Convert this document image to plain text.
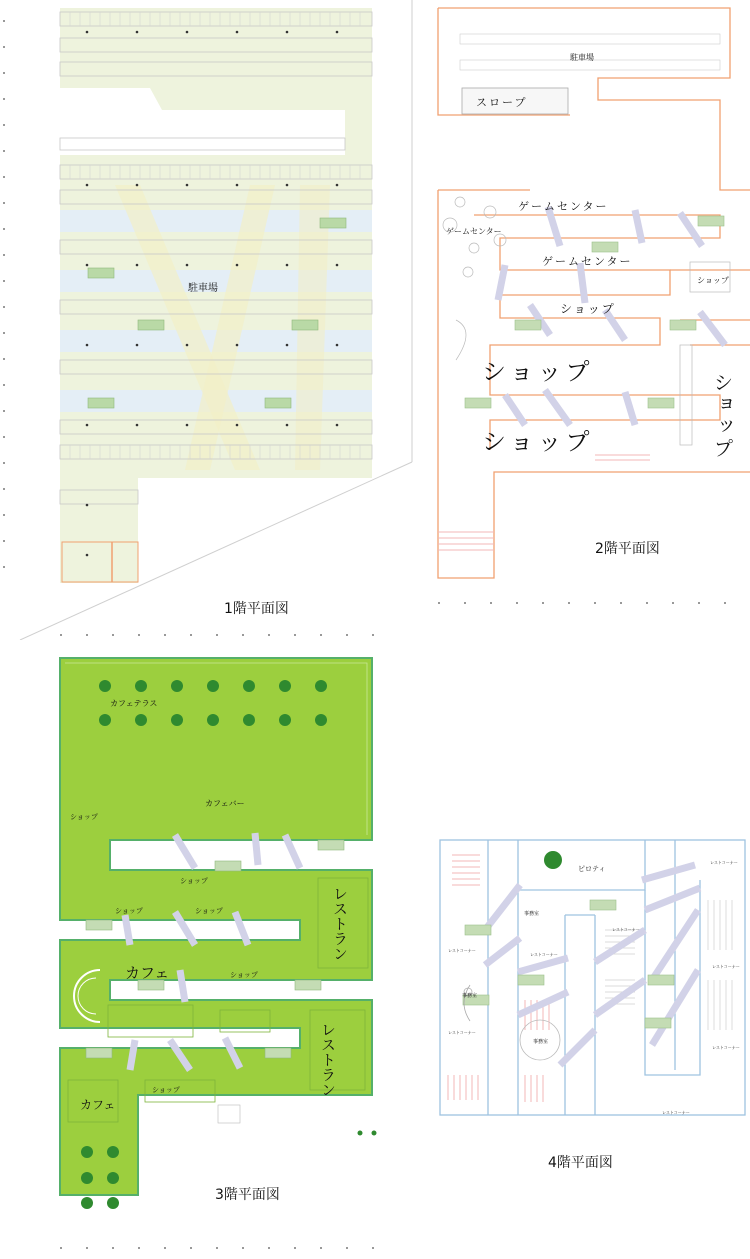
駐車場
1階平面図
駐車場
スロープ
ゲームセンター
ゲームセンター
ゲームセンター
ショップ
ショップ
ショップ
ショップ	ショップ
2階平面図
カフェテラス
カフェバー
ショップ
ショップ
ショップ	ショップ
ショップ
ショップ
レストラン
レストラン
カフェ
カフェ
3階平面図
ピロティ
事務室
事務室
事務室
レストコーナー
レストコーナー
レストコーナー
レストコーナー
レストコーナー
レストコーナー
レストコーナー
レストコーナー
4階平面図
